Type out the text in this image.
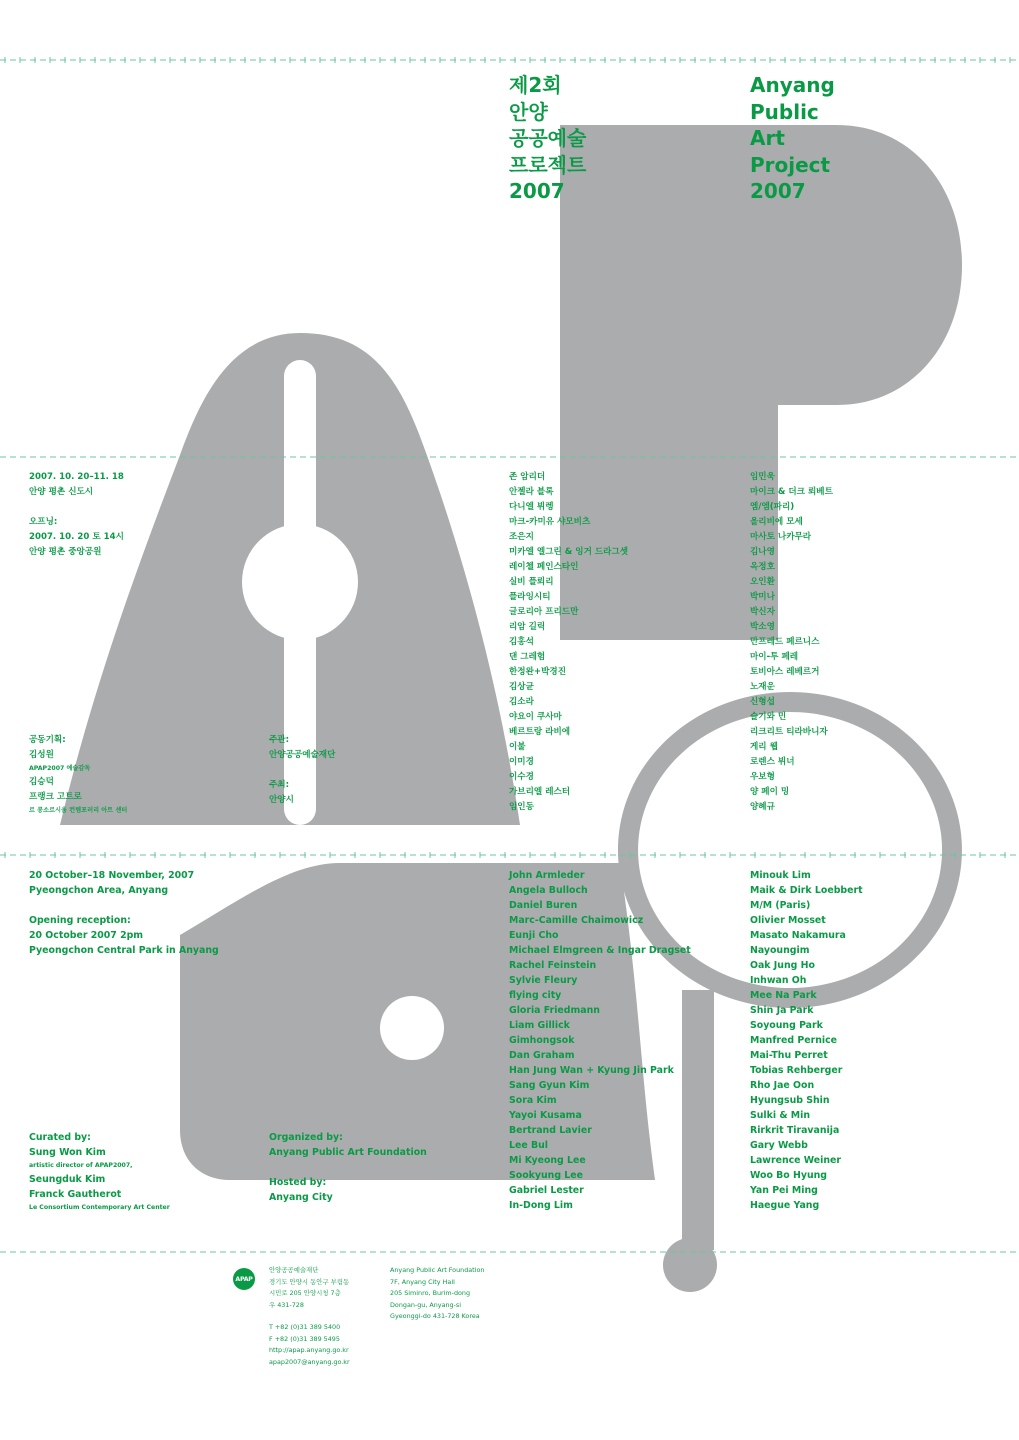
제2회
안양
공공예술
프로젝트
2007
Anyang
Public
Art
Project
2007
2007. 10. 20–11. 18
안양 평촌 신도시
오프닝:
2007. 10. 20 토 14시
안양 평촌 중앙공원
공동기획:
김성원
APAP2007 예술감독
김승덕
프랭크 고트로
르 콩소르시움 컨템포러리 아트 센터
주관:
안양공공예술재단
주최:
안양시
존 암리더
안젤라 블록
다니엘 뷔렝
마크-카미유 샤모비츠
조은지
미카엘 엘그린 & 잉거 드라그셋
레이첼 페인스타인
실비 플뢰리
플라잉시티
글로리아 프리드만
리암 길릭
김홍석
댄 그레험
한정완+박경진
김상균
김소라
야요이 쿠사마
베르트랑 라비에
이불
이미경
이수경
가브리엘 레스터
임인동
임민욱
마이크 & 더크 뢰베트
엠/엠(파리)
올리비에 모세
마사토 나카무라
김나영
옥정호
오인환
박미나
박신자
박소영
만프레드 페르니스
마이-투 페레
토비아스 레베르거
노재운
신형섭
슬기와 민
리크리트 티라바니자
게리 웹
로렌스 뷔너
우보형
양 페이 밍
양혜규
20 October–18 November, 2007
Pyeongchon Area, Anyang
Opening reception:
20 October 2007 2pm
Pyeongchon Central Park in Anyang
Curated by:
Sung Won Kim
artistic director of APAP2007,
Seungduk Kim
Franck Gautherot
Le Consortium Contemporary Art Center
Organized by:
Anyang Public Art Foundation
Hosted by:
Anyang City
John Armleder
Angela Bulloch
Daniel Buren
Marc-Camille Chaimowicz
Eunji Cho
Michael Elmgreen & Ingar Dragset
Rachel Feinstein
Sylvie Fleury
flying city
Gloria Friedmann
Liam Gillick
Gimhongsok
Dan Graham
Han Jung Wan + Kyung Jin Park
Sang Gyun Kim
Sora Kim
Yayoi Kusama
Bertrand Lavier
Lee Bul
Mi Kyeong Lee
Sookyung Lee
Gabriel Lester
In-Dong Lim
Minouk Lim
Maik & Dirk Loebbert
M/M (Paris)
Olivier Mosset
Masato Nakamura
Nayoungim
Oak Jung Ho
Inhwan Oh
Mee Na Park
Shin Ja Park
Soyoung Park
Manfred Pernice
Mai-Thu Perret
Tobias Rehberger
Rho Jae Oon
Hyungsub Shin
Sulki & Min
Rirkrit Tiravanija
Gary Webb
Lawrence Weiner
Woo Bo Hyung
Yan Pei Ming
Haegue Yang
APAP
안양공공예술재단
경기도 안양시 동안구 부림동
시민로 205 안양시청 7층
우 431-728
T +82 (0)31 389 5400
F +82 (0)31 389 5495
http://apap.anyang.go.kr
apap2007@anyang.go.kr
Anyang Public Art Foundation
7F, Anyang City Hall
205 Siminro, Burim-dong
Dongan-gu, Anyang-si
Gyeonggi-do 431-728 Korea
